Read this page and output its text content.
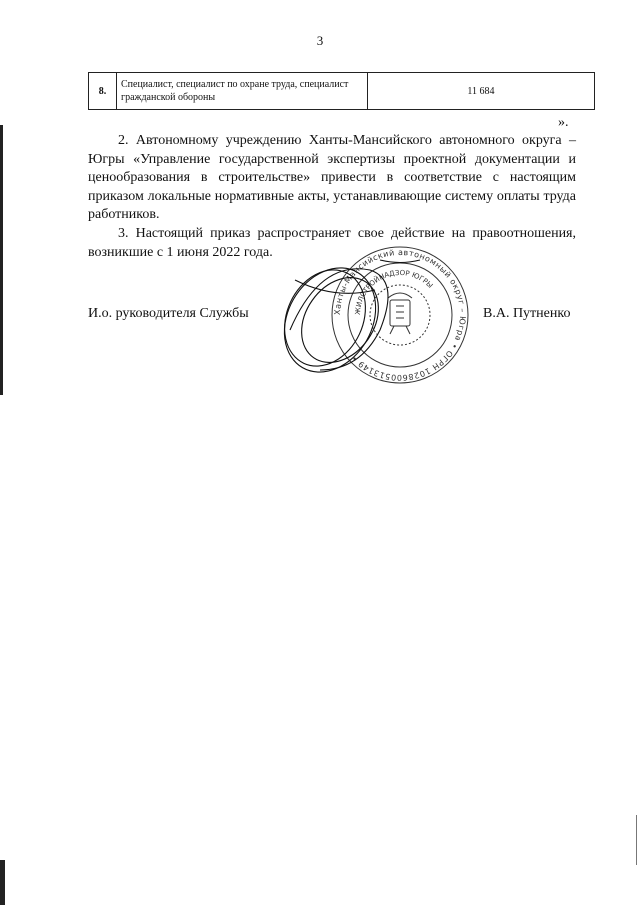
3
8.	Специалист, специалист по охране труда, специалист гражданской обороны	11 684
».

2. Автономному учреждению Ханты-Мансийского автономного округа – Югры «Управление государственной экспертизы проектной документации и ценообразования в строительстве» привести в соответствие с настоящим приказом локальные нормативные акты, устанавливающие систему оплаты труда работников.

3. Настоящий приказ распространяет свое действие на правоотношения, возникшие с 1 июня 2022 года.

И.о. руководителя Службы	В.А. Путненко
Ханты-Мансийский автономный округ – Югра • ОГРН 1028600513149 •
ЖИЛСТРОЙНАДЗОР ЮГРЫ
